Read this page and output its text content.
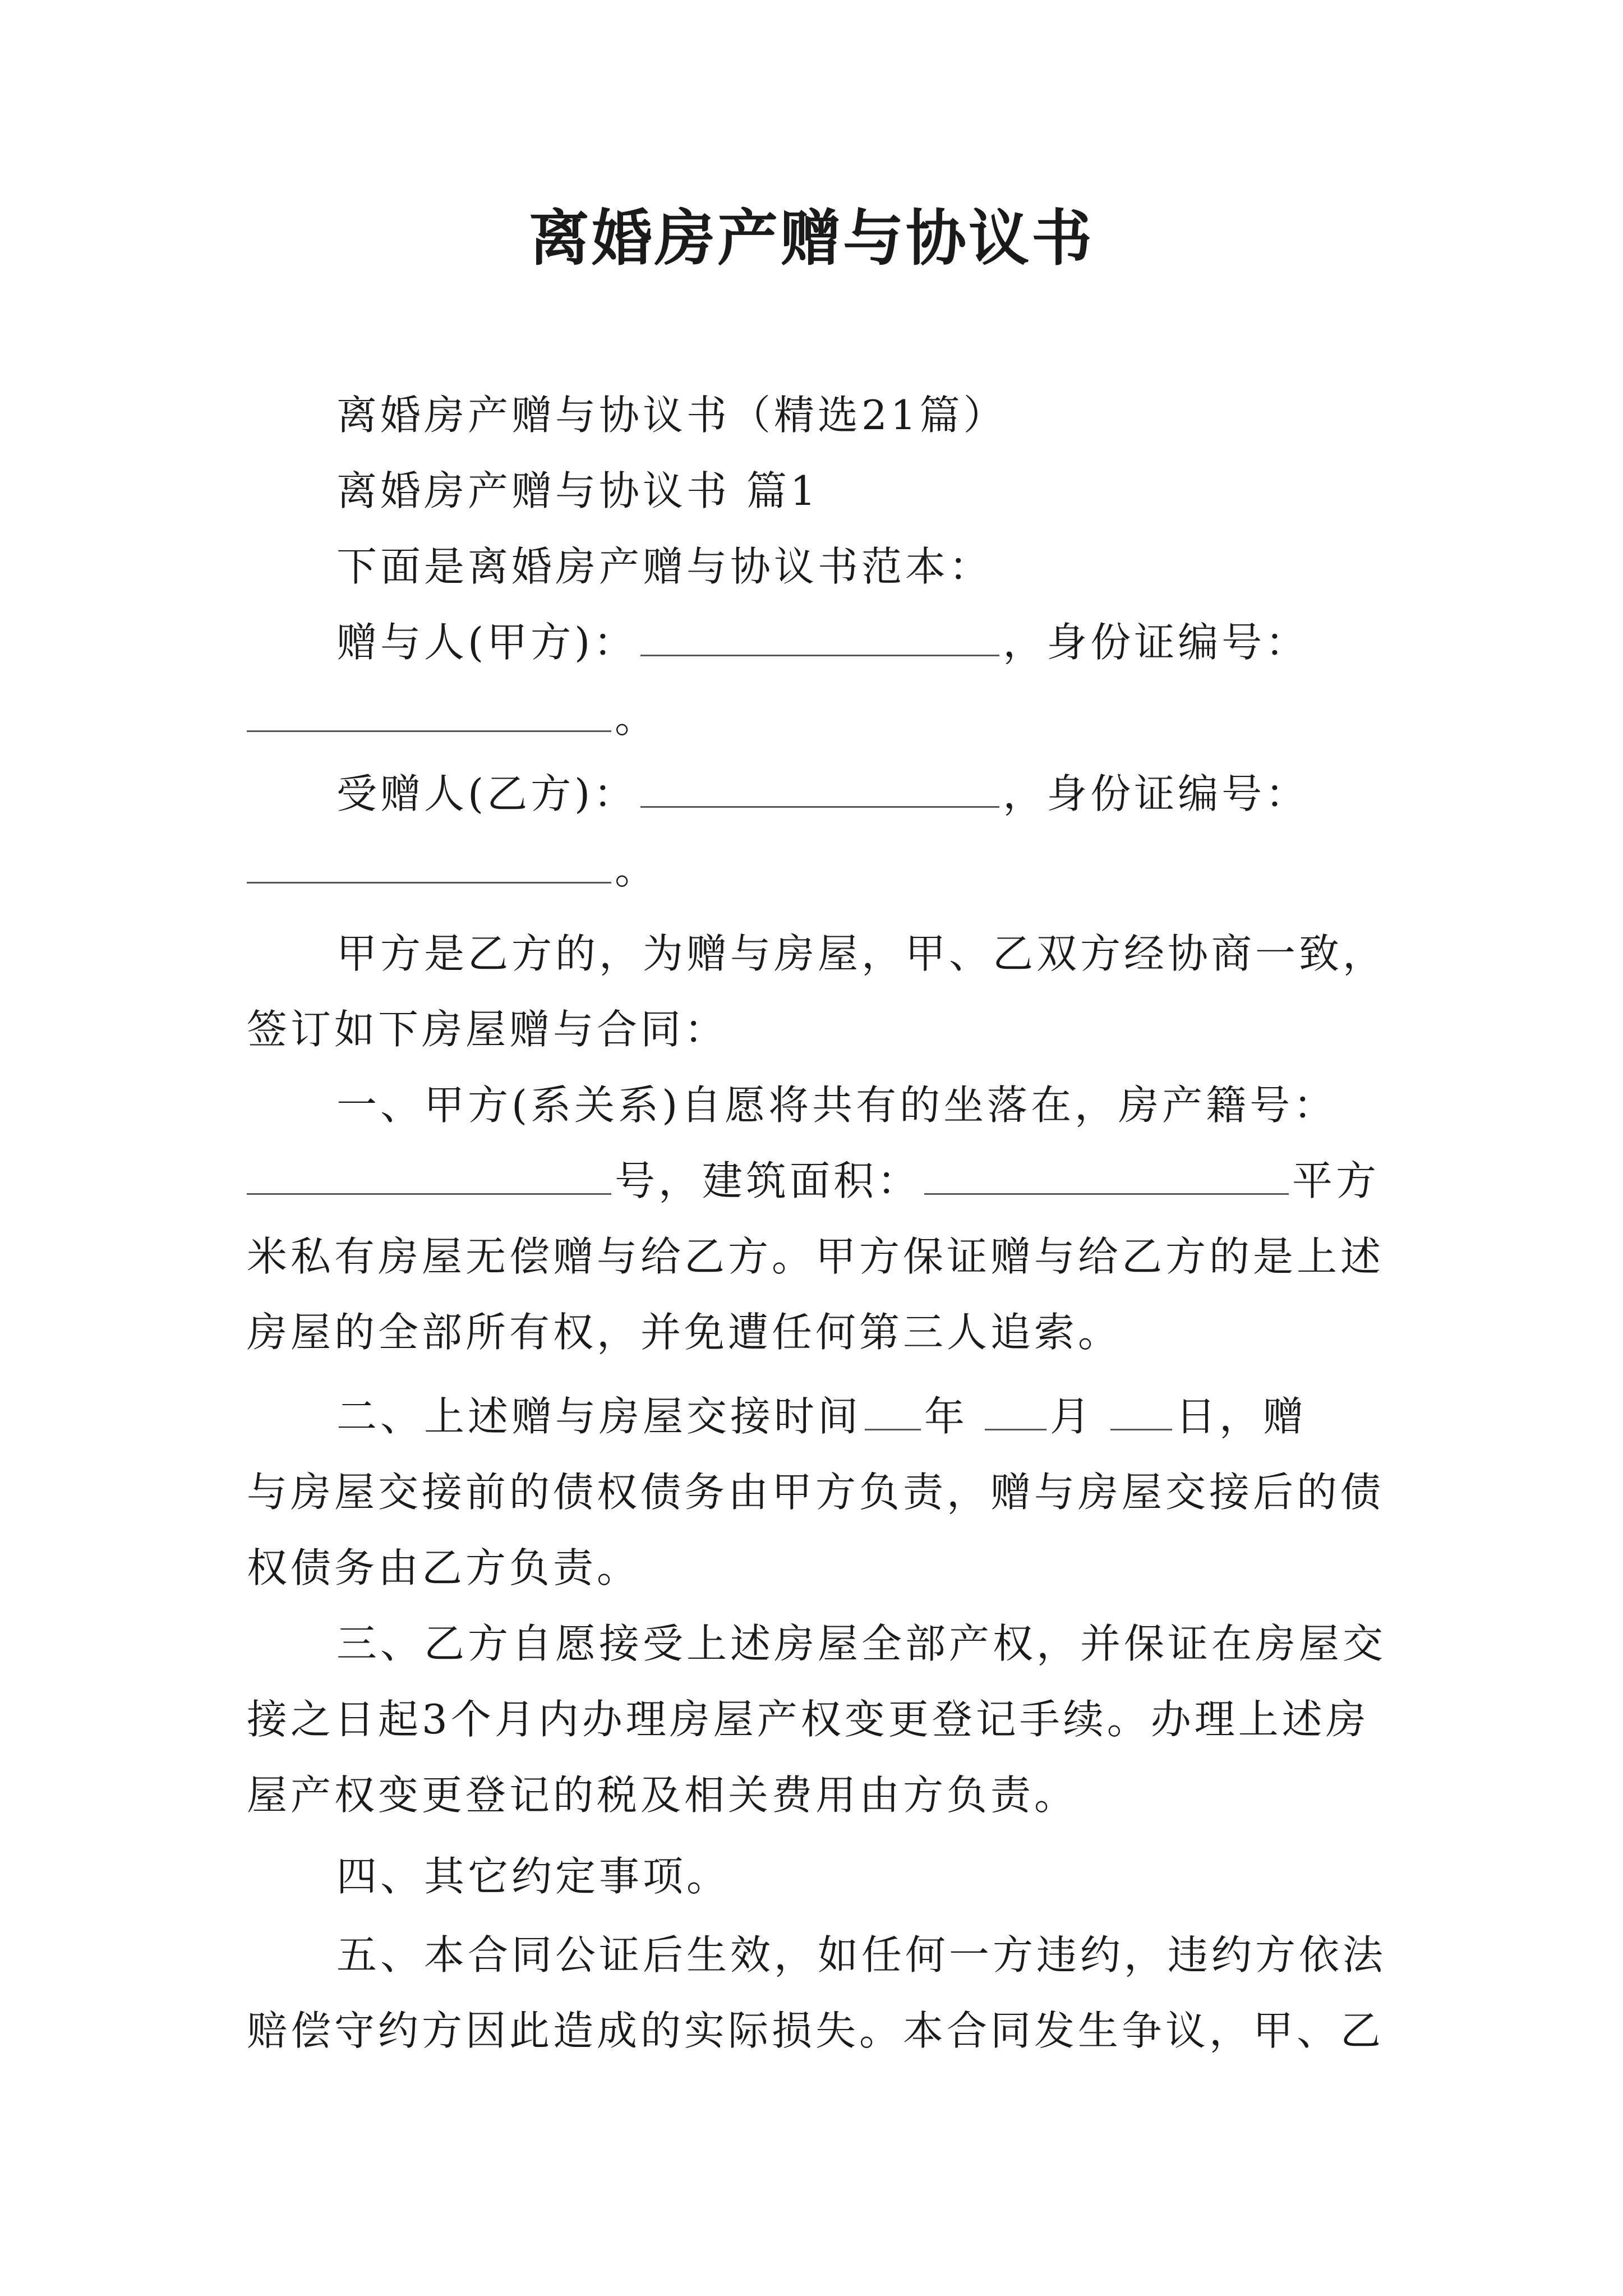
离婚房产赠与协议书
离婚房产赠与协议书（精选21篇）
离婚房产赠与协议书 篇1
下面是离婚房产赠与协议书范本：
赠与人(甲方)：	，身份证编号：
。
受赠人(乙方)：	，身份证编号：
。
甲方是乙方的，为赠与房屋，甲、乙双方经协商一致，
签订如下房屋赠与合同：
一、甲方(系关系)自愿将共有的坐落在，房产籍号：
号，建筑面积：	平方
米私有房屋无偿赠与给乙方。甲方保证赠与给乙方的是上述
房屋的全部所有权，并免遭任何第三人追索。
二、上述赠与房屋交接时间 年 月 日，赠
与房屋交接前的债权债务由甲方负责，赠与房屋交接后的债
权债务由乙方负责。
三、乙方自愿接受上述房屋全部产权，并保证在房屋交
接之日起3个月内办理房屋产权变更登记手续。办理上述房
屋产权变更登记的税及相关费用由方负责。
四、其它约定事项。
五、本合同公证后生效，如任何一方违约，违约方依法
赔偿守约方因此造成的实际损失。本合同发生争议，甲、乙
